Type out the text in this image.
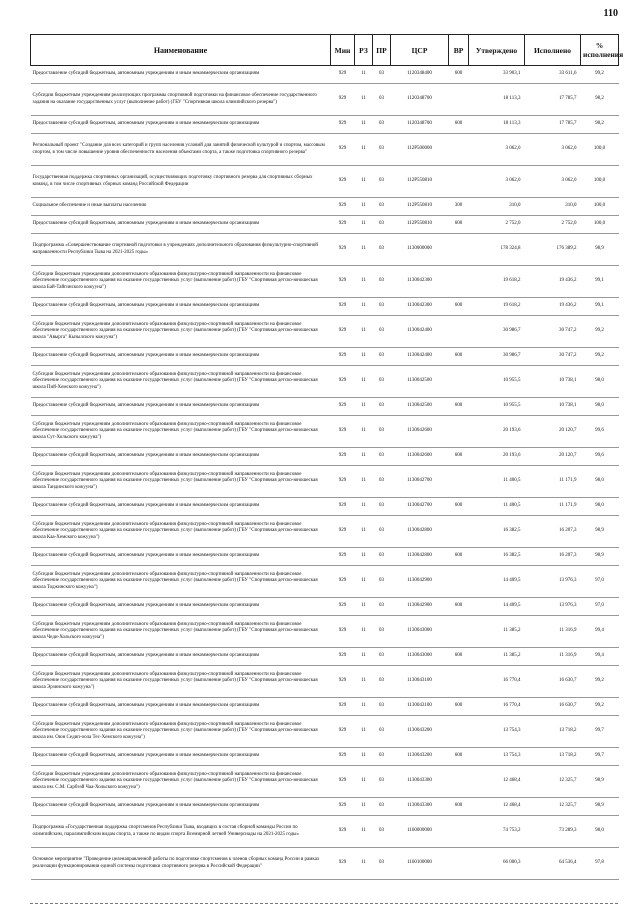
110
Наименование	Мин	РЗ	ПР	ЦСР	ВР	Утверждено	Исполнено	% исполнения
Предоставление субсидий бюджетным, автономным учреждениям и иным некоммерческим организациям	929	11	03	1120348400	600	33 903,1	33 611,6	99,2
Субсидии бюджетным учреждениям реализующих программы спортивной подготовки на финансовое обеспечение государственного задания на оказание государственных услуг (выполнение работ) (ГБУ "Спортивная школа олимпийского резерва")	929	11	03	1120348700		18 113,3	17 785,7	98,2
Предоставление субсидий бюджетным, автономным учреждениям и иным некоммерческим организациям	929	11	03	1120348700	600	18 113,3	17 785,7	98,2
Региональный проект "Создание для всех категорий и групп населения условий для занятий физической культурой и спортом, массовым спортом, в том числе повышение уровня обеспеченности населения объектами спорта, а также подготовка спортивного резерва"	929	11	03	112P500000		3 062,0	3 062,0	100,0
Государственная поддержка спортивных организаций, осуществляющих подготовку спортивного резерва для спортивных сборных команд, в том числе спортивных сборных команд Российской Федерации	929	11	03	112P550810		3 062,0	3 062,0	100,0
Социальное обеспечение и иные выплаты населению	929	11	03	112P550810	300	310,0	310,0	100,0
Предоставление субсидий бюджетным, автономным учреждениям и иным некоммерческим организациям	929	11	03	112P550810	600	2 752,0	2 752,0	100,0
Подпрограмма «Совершенствование спортивной подготовки в учреждениях дополнительного образования физкультурно-спортивной направленности Республики Тыва на 2021-2025 годы»	929	11	03	1130000000		178 324,8	176 389,2	98,9
Субсидии бюджетным учреждениям дополнительного образования физкультурно-спортивной направленности на финансовое обеспечение государственного задания на оказание государственных услуг (выполнение работ) (ГБУ "Спортивная детско-юношеская школа Бай-Тайгинского кожууна")	929	11	03	1130042300		19 618,2	19 436,2	99,1
Предоставление субсидий бюджетным, автономным учреждениям и иным некоммерческим организациям	929	11	03	1130042300	600	19 618,2	19 436,2	99,1
Субсидии бюджетным учреждениям дополнительного образования физкультурно-спортивной направленности на финансовое обеспечение государственного задания на оказание государственных услуг (выполнение работ) (ГБУ "Спортивная детско-юношеская школа "Авырга" Кызылского кожууна")	929	11	03	1130042400		30 986,7	30 747,2	99,2
Предоставление субсидий бюджетным, автономным учреждениям и иным некоммерческим организациям	929	11	03	1130042400	600	30 986,7	30 747,2	99,2
Субсидии бюджетным учреждениям дополнительного образования физкультурно-спортивной направленности на финансовое обеспечение государственного задания на оказание государственных услуг (выполнение работ) (ГБУ "Спортивная детско-юношеская школа Пий-Хемского кожууна")	929	11	03	1130042500		10 955,5	10 738,1	98,0
Предоставление субсидий бюджетным, автономным учреждениям и иным некоммерческим организациям	929	11	03	1130042500	600	10 955,5	10 738,1	98,0
Субсидии бюджетным учреждениям дополнительного образования физкультурно-спортивной направленности на финансовое обеспечение государственного задания на оказание государственных услуг (выполнение работ) (ГБУ "Спортивная детско-юношеская школа Сут-Хольского кожууна")	929	11	03	1130042600		20 193,6	20 120,7	99,6
Предоставление субсидий бюджетным, автономным учреждениям и иным некоммерческим организациям	929	11	03	1130042600	600	20 193,6	20 120,7	99,6
Субсидии бюджетным учреждениям дополнительного образования физкультурно-спортивной направленности на финансовое обеспечение государственного задания на оказание государственных услуг (выполнение работ) (ГБУ "Спортивная детско-юношеская школа Тандинского кожууна")	929	11	03	1130042700		11 400,5	11 171,9	98,0
Предоставление субсидий бюджетным, автономным учреждениям и иным некоммерческим организациям	929	11	03	1130042700	600	11 400,5	11 171,9	98,0
Субсидии бюджетным учреждениям дополнительного образования физкультурно-спортивной направленности на финансовое обеспечение государственного задания на оказание государственных услуг (выполнение работ) (ГБУ "Спортивная детско-юношеская школа Каа-Хемского кожууна")	929	11	03	1130042800		16 382,5	16 207,3	98,9
Предоставление субсидий бюджетным, автономным учреждениям и иным некоммерческим организациям	929	11	03	1130042800	600	16 382,5	16 207,3	98,9
Субсидии бюджетным учреждениям дополнительного образования физкультурно-спортивной направленности на финансовое обеспечение государственного задания на оказание государственных услуг (выполнение работ) (ГБУ "Спортивная детско-юношеская школа Тоджинского кожууна")	929	11	03	1130042900		14 409,5	13 976,3	97,0
Предоставление субсидий бюджетным, автономным учреждениям и иным некоммерческим организациям	929	11	03	1130042900	600	14 409,5	13 976,3	97,0
Субсидии бюджетным учреждениям дополнительного образования физкультурно-спортивной направленности на финансовое обеспечение государственного задания на оказание государственных услуг (выполнение работ) (ГБУ "Спортивная детско-юношеская школа Чеди-Хольского кожууна")	929	11	03	1130043000		11 385,2	11 316,9	99,4
Предоставление субсидий бюджетным, автономным учреждениям и иным некоммерческим организациям	929	11	03	1130043000	600	11 385,2	11 316,9	99,4
Субсидии бюджетным учреждениям дополнительного образования физкультурно-спортивной направленности на финансовое обеспечение государственного задания на оказание государственных услуг (выполнение работ) (ГБУ "Спортивная детско-юношеская школа Эрзинского кожууна")	929	11	03	1130043100		16 770,4	16 630,7	99,2
Предоставление субсидий бюджетным, автономным учреждениям и иным некоммерческим организациям	929	11	03	1130043100	600	16 770,4	16 630,7	99,2
Субсидии бюджетным учреждениям дополнительного образования физкультурно-спортивной направленности на финансовое обеспечение государственного задания на оказание государственных услуг (выполнение работ) (ГБУ "Спортивная детско-юношеская школа им. Оюн Седип-оола Тес-Хемского кожууна")	929	11	03	1130043200		13 754,3	13 718,2	99,7
Предоставление субсидий бюджетным, автономным учреждениям и иным некоммерческим организациям	929	11	03	1130043200	600	13 754,3	13 718,2	99,7
Субсидии бюджетным учреждениям дополнительного образования физкультурно-спортивной направленности на финансовое обеспечение государственного задания на оказание государственных услуг (выполнение работ) (ГБУ "Спортивная детско-юношеская школа им. С.М. Сарбээй Чаа-Хольского кожууна")	929	11	03	1130043300		12 468,4	12 325,7	98,9
Предоставление субсидий бюджетным, автономным учреждениям и иным некоммерческим организациям	929	11	03	1130043300	600	12 468,4	12 325,7	98,9
Подпрограмма «Государственная поддержка спортсменов Республики Тыва, входящих в состав сборной команды России по олимпийским, паралимпийским видам спорта, а также по видам спорта Всемирной летней Универсиады на 2021-2025 годы»	929	11	03	1160000000		74 753,2	73 289,3	98,0
Основное мероприятие "Проведение целенаправленной работы по подготовке спортсменов к членов сборных команд России в рамках реализации функционирования единой системы подготовки спортивного резерва в Российской Федерации"	929	11	03	1160100000		66 000,3	64 536,4	97,8
